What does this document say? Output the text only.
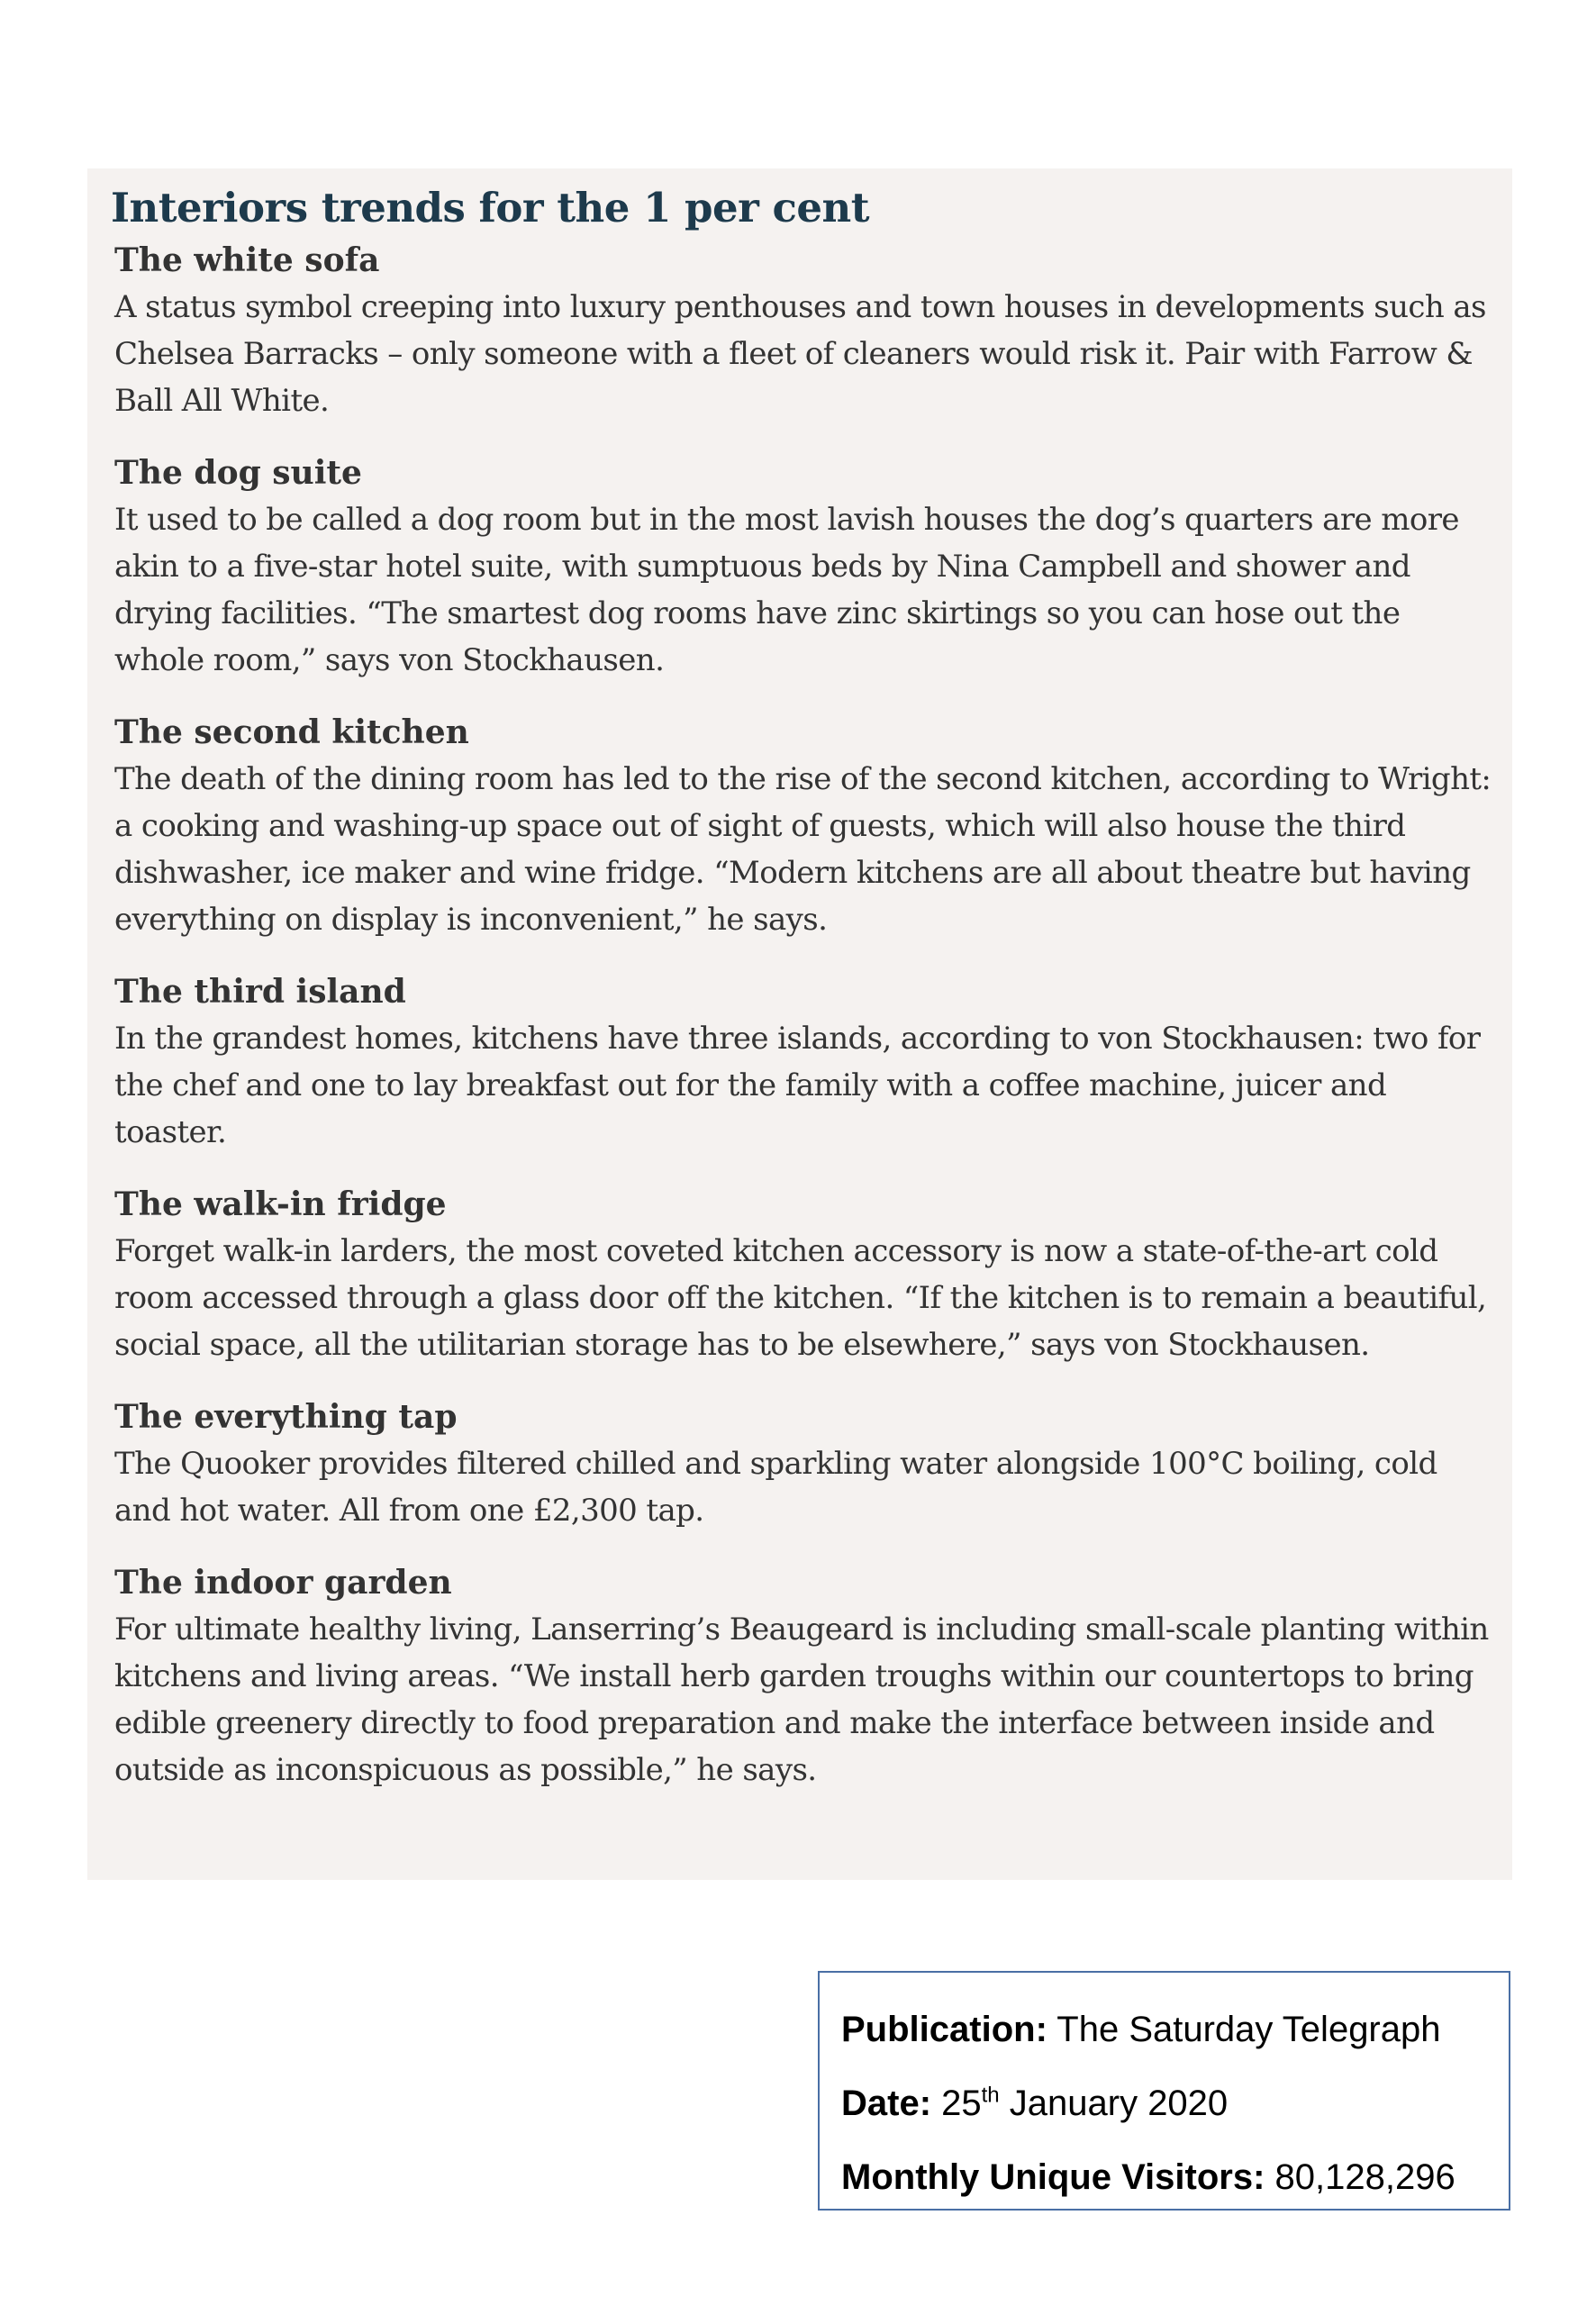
Interiors trends for the 1 per cent

The white sofa

A status symbol creeping into luxury penthouses and town houses in developments such as Chelsea Barracks – only someone with a fleet of cleaners would risk it. Pair with Farrow & Ball All White.

The dog suite

It used to be called a dog room but in the most lavish houses the dog’s quarters are more akin to a five-star hotel suite, with sumptuous beds by Nina Campbell and shower and drying facilities. “The smartest dog rooms have zinc skirtings so you can hose out the whole room,” says von Stockhausen.

The second kitchen

The death of the dining room has led to the rise of the second kitchen, according to Wright: a cooking and washing-up space out of sight of guests, which will also house the third dishwasher, ice maker and wine fridge. “Modern kitchens are all about theatre but having everything on display is inconvenient,” he says.

The third island

In the grandest homes, kitchens have three islands, according to von Stockhausen: two for the chef and one to lay breakfast out for the family with a coffee machine, juicer and toaster.

The walk-in fridge

Forget walk-in larders, the most coveted kitchen accessory is now a state-of-the-art cold room accessed through a glass door off the kitchen. “If the kitchen is to remain a beautiful, social space, all the utilitarian storage has to be elsewhere,” says von Stockhausen.

The everything tap

The Quooker provides filtered chilled and sparkling water alongside 100°C boiling, cold and hot water. All from one £2,300 tap.

The indoor garden

For ultimate healthy living, Lanserring’s Beaugeard is including small-scale planting within kitchens and living areas. “We install herb garden troughs within our countertops to bring edible greenery directly to food preparation and make the interface between inside and outside as inconspicuous as possible,” he says.

Publication: The Saturday Telegraph

Date: 25th January 2020

Monthly Unique Visitors: 80,128,296
